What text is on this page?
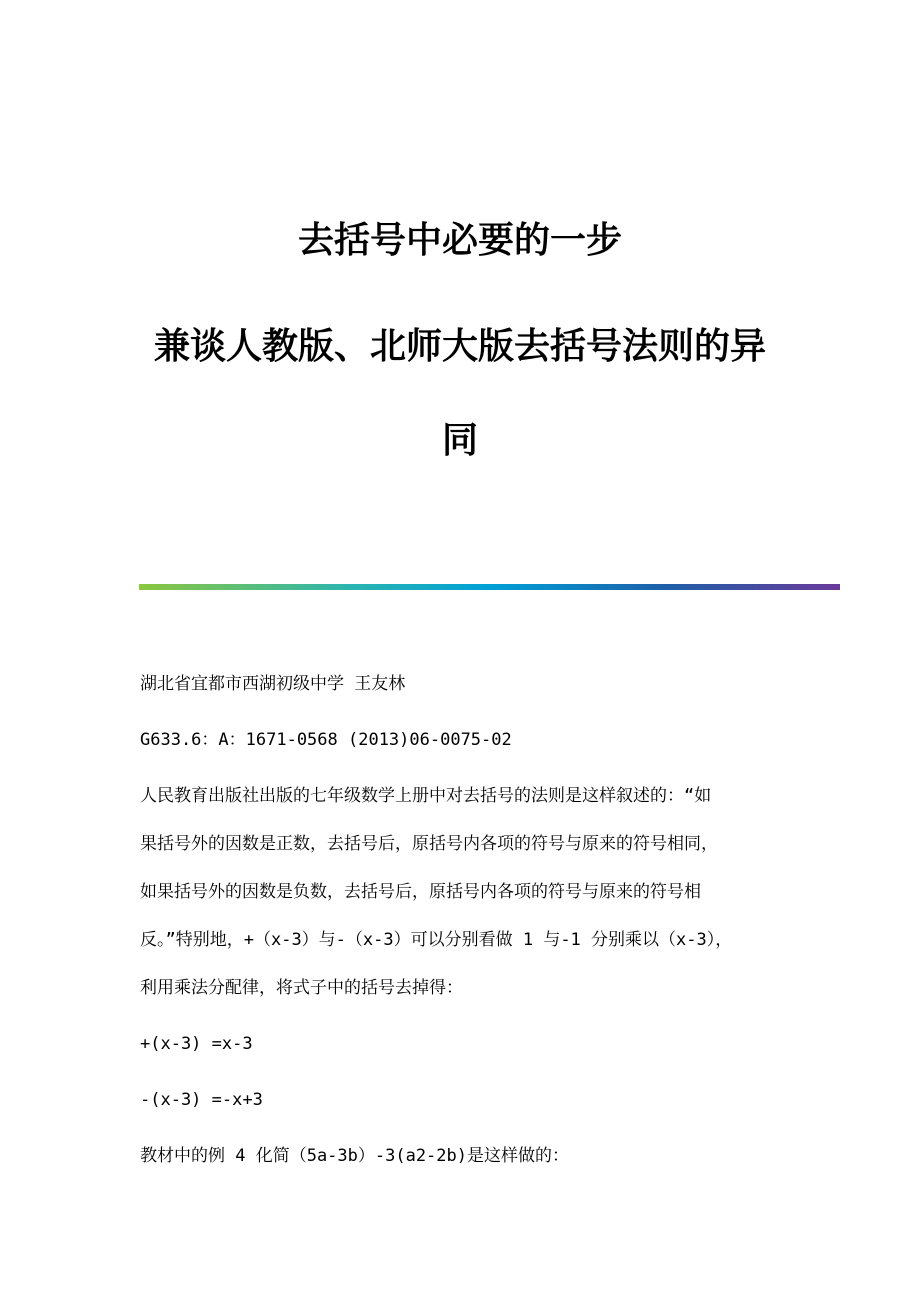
去括号中必要的一步
兼谈人教版、北师大版去括号法则的异
同

湖北省宜都市西湖初级中学 王友林

G633.6：A：1671-0568 (2013)06-0075-02

人民教育出版社出版的七年级数学上册中对去括号的法则是这样叙述的：“如

果括号外的因数是正数，去括号后，原括号内各项的符号与原来的符号相同，

如果括号外的因数是负数，去括号后，原括号内各项的符号与原来的符号相

反。”特别地，+（x-3）与-（x-3）可以分别看做 1 与-1 分别乘以（x-3），

利用乘法分配律，将式子中的括号去掉得：

+(x-3) =x-3

-(x-3) =-x+3

教材中的例 4 化简（5a-3b）-3(a2-2b)是这样做的：
